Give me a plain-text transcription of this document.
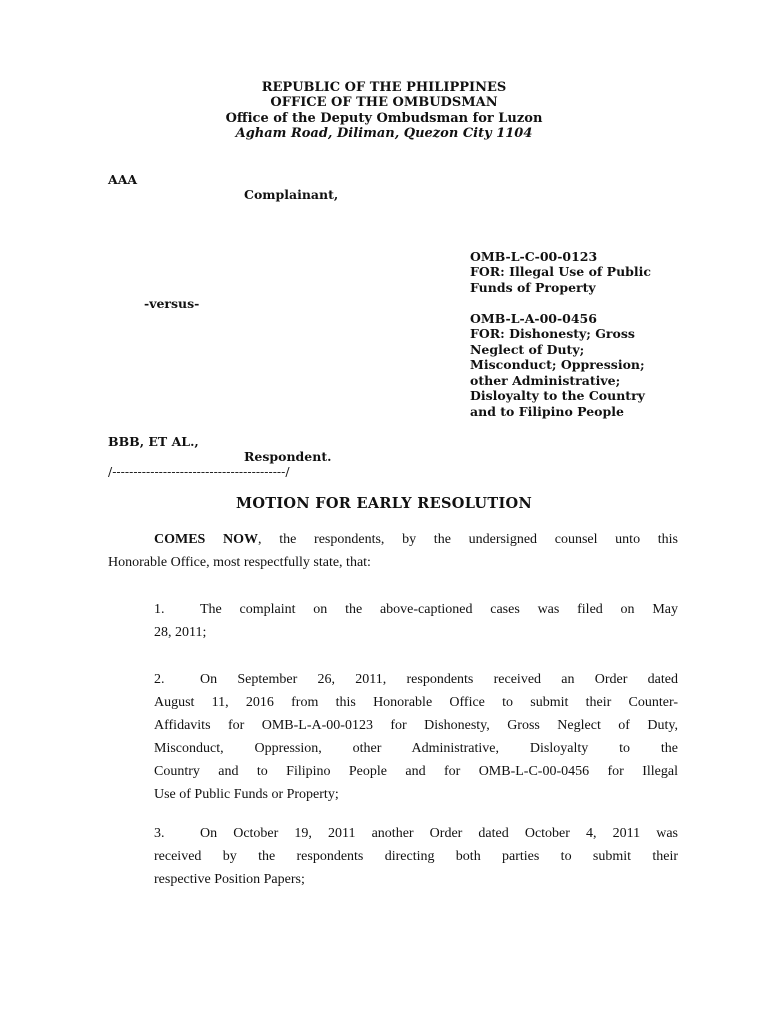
REPUBLIC OF THE PHILIPPINES
OFFICE OF THE OMBUDSMAN
Office of the Deputy Ombudsman for Luzon
Agham Road, Diliman, Quezon City 1104
AAA
Complainant,
-versus-
BBB, ET AL.,
Respondent.
/-----------------------------------------/
OMB-L-C-00-0123
FOR: Illegal Use of Public
Funds of Property
OMB-L-A-00-0456
FOR: Dishonesty; Gross
Neglect of Duty;
Misconduct; Oppression;
other Administrative;
Disloyalty to the Country
and to Filipino People
MOTION FOR EARLY RESOLUTION

COMES NOW, the respondents, by the undersigned counsel unto this

Honorable Office, most respectfully state, that:

1.	The complaint on the above-captioned cases was filed on May

28, 2011;

2.	On September 26, 2011, respondents received an Order dated

August 11, 2016 from this Honorable Office to submit their Counter-

Affidavits for OMB-L-A-00-0123 for Dishonesty, Gross Neglect of Duty,

Misconduct, Oppression, other Administrative, Disloyalty to the

Country and to Filipino People and for OMB-L-C-00-0456 for Illegal

Use of Public Funds or Property;

3.	On October 19, 2011 another Order dated October 4, 2011 was

received by the respondents directing both parties to submit their

respective Position Papers;
